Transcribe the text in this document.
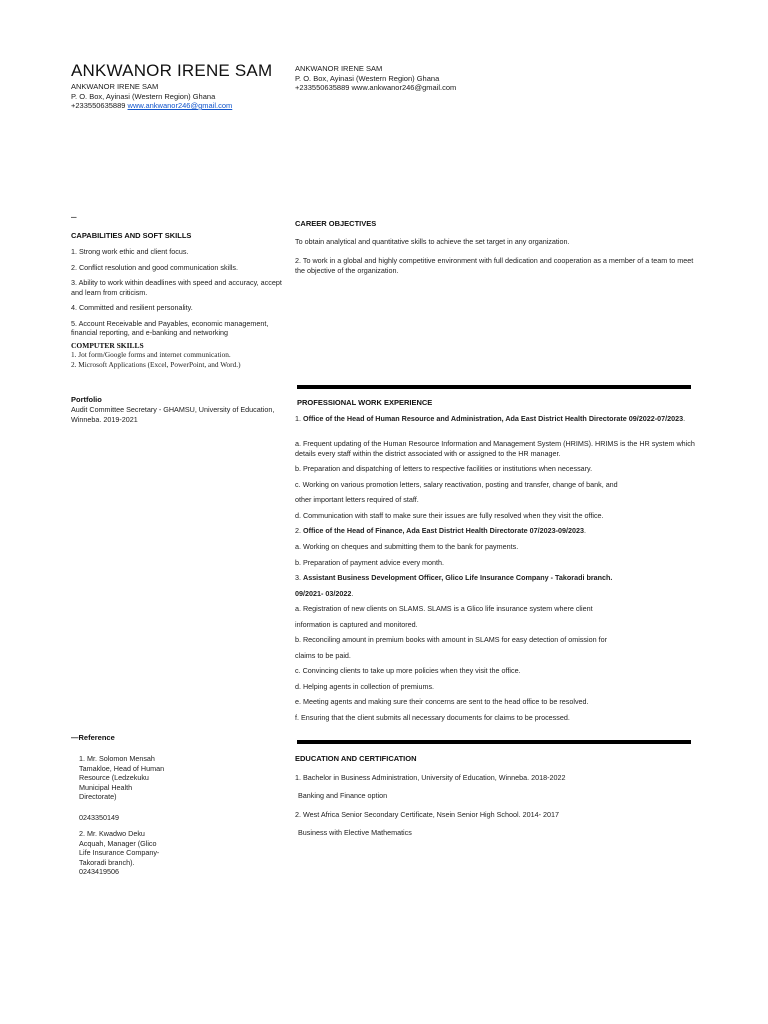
ANKWANOR IRENE SAM
ANKWANOR IRENE SAM
P. O. Box, Ayinasi (Western Region) Ghana
+233550635889 www.ankwanor246@gmail.com
ANKWANOR IRENE SAM
P. O. Box, Ayinasi (Western Region) Ghana
+233550635889 www.ankwanor246@gmail.com
–
CAPABILITIES AND SOFT SKILLS
1. Strong work ethic and client focus.
2. Conflict resolution and good communication skills.
3. Ability to work within deadlines with speed and accuracy, accept and learn from criticism.
4. Committed and resilient personality.
5. Account Receivable and Payables, economic management, financial reporting, and e-banking and networking
COMPUTER SKILLS
1. Jot form/Google forms and internet communication.
2. Microsoft Applications (Excel, PowerPoint, and Word.)
Portfolio
Audit Committee Secretary - GHAMSU, University of Education, Winneba. 2019-2021
—Reference
1. Mr. Solomon Mensah Tamakloe, Head of Human Resource (Ledzekuku Municipal Health Directorate)
0243350149
2. Mr. Kwadwo Deku Acquah, Manager (Glico Life Insurance Company-Takoradi branch). 0243419506
CAREER OBJECTIVES
To obtain analytical and quantitative skills to achieve the set target in any organization.
2. To work in a global and highly competitive environment with full dedication and cooperation as a member of a team to meet the objective of the organization.
PROFESSIONAL WORK EXPERIENCE
1. Office of the Head of Human Resource and Administration, Ada East District Health Directorate 09/2022-07/2023.
a. Frequent updating of the Human Resource Information and Management System (HRIMS). HRIMS is the HR system which details every staff within the district associated with or assigned to the HR manager.
b. Preparation and dispatching of letters to respective facilities or institutions when necessary.
c. Working on various promotion letters, salary reactivation, posting and transfer, change of bank, and
other important letters required of staff.
d. Communication with staff to make sure their issues are fully resolved when they visit the office.
2. Office of the Head of Finance, Ada East District Health Directorate 07/2023-09/2023.
a. Working on cheques and submitting them to the bank for payments.
b. Preparation of payment advice every month.
3. Assistant Business Development Officer, Glico Life Insurance Company - Takoradi branch.
09/2021- 03/2022.
a. Registration of new clients on SLAMS. SLAMS is a Glico life insurance system where client
information is captured and monitored.
b. Reconciling amount in premium books with amount in SLAMS for easy detection of omission for
claims to be paid.
c. Convincing clients to take up more policies when they visit the office.
d. Helping agents in collection of premiums.
e. Meeting agents and making sure their concerns are sent to the head office to be resolved.
f. Ensuring that the client submits all necessary documents for claims to be processed.
EDUCATION AND CERTIFICATION
1. Bachelor in Business Administration, University of Education, Winneba. 2018-2022
Banking and Finance option
2. West Africa Senior Secondary Certificate, Nsein Senior High School. 2014- 2017
Business with Elective Mathematics
